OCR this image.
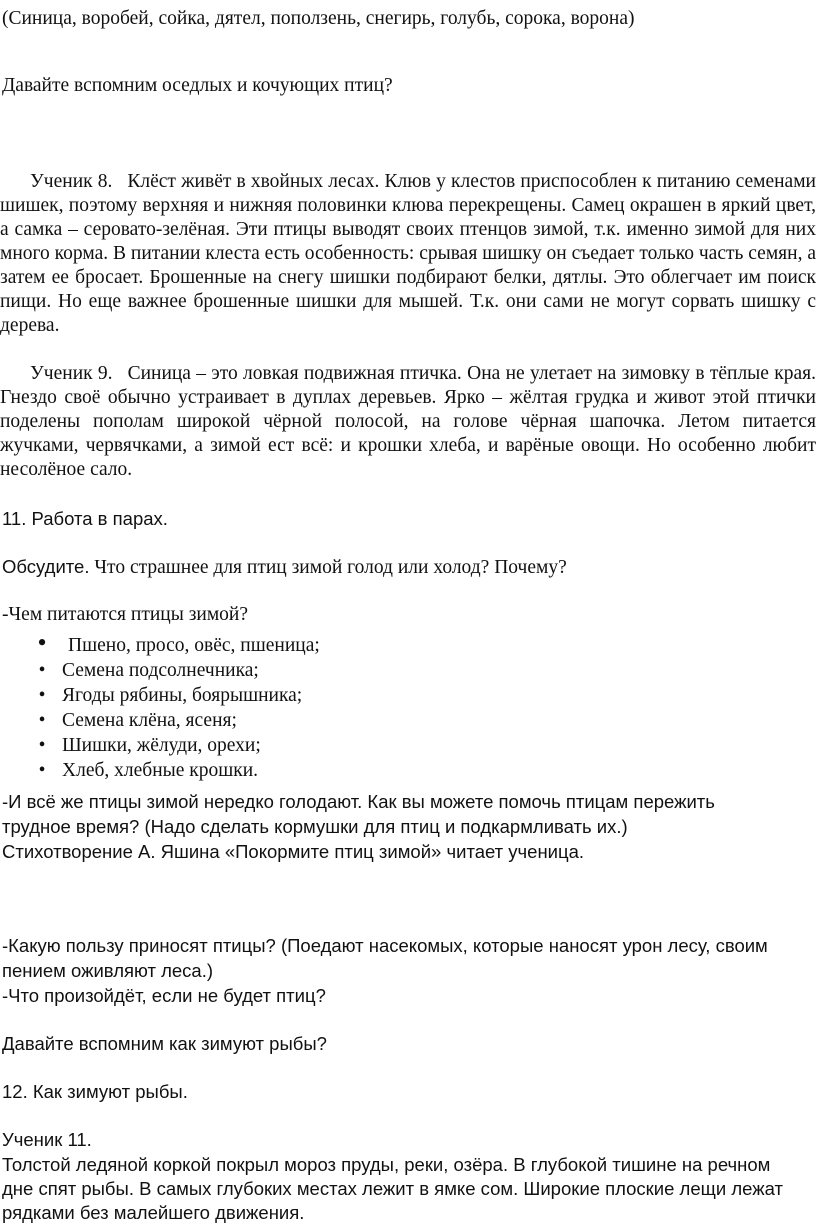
(Синица, воробей, сойка, дятел, поползень, снегирь, голубь, сорока, ворона)

Давайте вспомним оседлых и кочующих птиц?

Ученик 8. Клёст живёт в хвойных лесах. Клюв у клестов приспособлен к питанию семенами шишек, поэтому верхняя и нижняя половинки клюва перекрещены. Самец окрашен в яркий цвет, а самка – серовато-зелёная. Эти птицы выводят своих птенцов зимой, т.к. именно зимой для них много корма. В питании клеста есть особенность: срывая шишку он съедает только часть семян, а затем ее бросает. Брошенные на снегу шишки подбирают белки, дятлы. Это облегчает им поиск пищи. Но еще важнее брошенные шишки для мышей. Т.к. они сами не могут сорвать шишку с дерева.

Ученик 9. Синица – это ловкая подвижная птичка. Она не улетает на зимовку в тёплые края. Гнездо своё обычно устраивает в дуплах деревьев. Ярко – жёлтая грудка и живот этой птички поделены пополам широкой чёрной полосой, на голове чёрная шапочка. Летом питается жучками, червячками, а зимой ест всё: и крошки хлеба, и варёные овощи. Но особенно любит несолёное сало.

11. Работа в парах.

Обсудите. Что страшнее для птиц зимой голод или холод? Почему?

-Чем питаются птицы зимой?

• Пшено, просо, овёс, пшеница;
• Семена подсолнечника;
• Ягоды рябины, боярышника;
• Семена клёна, ясеня;
• Шишки, жёлуди, орехи;
• Хлеб, хлебные крошки.

-И всё же птицы зимой нередко голодают. Как вы можете помочь птицам пережить

трудное время? (Надо сделать кормушки для птиц и подкармливать их.)

Стихотворение А. Яшина «Покормите птиц зимой» читает ученица.

-Какую пользу приносят птицы? (Поедают насекомых, которые наносят урон лесу, своим

пением оживляют леса.)

-Что произойдёт, если не будет птиц?

Давайте вспомним как зимуют рыбы?

12. Как зимуют рыбы.

Ученик 11.

Толстой ледяной коркой покрыл мороз пруды, реки, озёра. В глубокой тишине на речном

дне спят рыбы. В самых глубоких местах лежит в ямке сом. Широкие плоские лещи лежат

рядками без малейшего движения.
